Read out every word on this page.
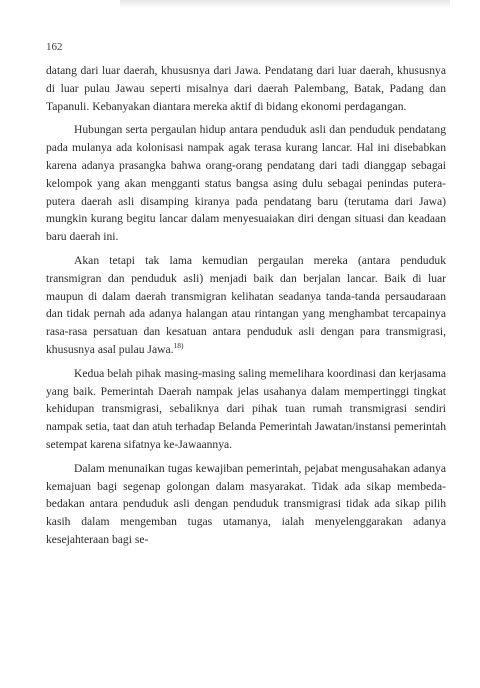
162

datang dari luar daerah, khususnya dari Jawa. Pendatang dari luar daerah, khususnya di luar pulau Jawau seperti misalnya dari daerah Palembang, Batak, Padang dan Tapanuli. Kebanyakan diantara mereka aktif di bidang ekonomi perdagangan.

Hubungan serta pergaulan hidup antara penduduk asli dan penduduk pendatang pada mulanya ada kolonisasi nampak agak terasa kurang lancar. Hal ini disebabkan karena adanya prasangka bahwa orang-orang pendatang dari tadi dianggap sebagai kelompok yang akan mengganti status bangsa asing dulu sebagai penindas putera-putera daerah asli disamping kiranya pada pendatang baru (terutama dari Jawa) mungkin kurang begitu lancar dalam menyesuaiakan diri dengan situasi dan keadaan baru daerah ini.

Akan tetapi tak lama kemudian pergaulan mereka (antara penduduk transmigran dan penduduk asli) menjadi baik dan berjalan lancar. Baik di luar maupun di dalam daerah transmigran kelihatan seadanya tanda-tanda persaudaraan dan tidak pernah ada adanya halangan atau rintangan yang menghambat tercapainya rasa-rasa persatuan dan kesatuan antara penduduk asli dengan para transmigrasi, khususnya asal pulau Jawa.$^{18)}$

Kedua belah pihak masing-masing saling memelihara koordinasi dan kerjasama yang baik. Pemerintah Daerah nampak jelas usahanya dalam mempertinggi tingkat kehidupan transmigrasi, sebaliknya dari pihak tuan rumah transmigrasi sendiri nampak setia, taat dan atuh terhadap Belanda Pemerintah Jawatan/instansi pemerintah setempat karena sifatnya ke-Jawaannya.

Dalam menunaikan tugas kewajiban pemerintah, pejabat mengusahakan adanya kemajuan bagi segenap golongan dalam masyarakat. Tidak ada sikap membeda-bedakan antara penduduk asli dengan penduduk transmigrasi tidak ada sikap pilih kasih dalam mengemban tugas utamanya, ialah menyelenggarakan adanya kesejahteraan bagi se-
